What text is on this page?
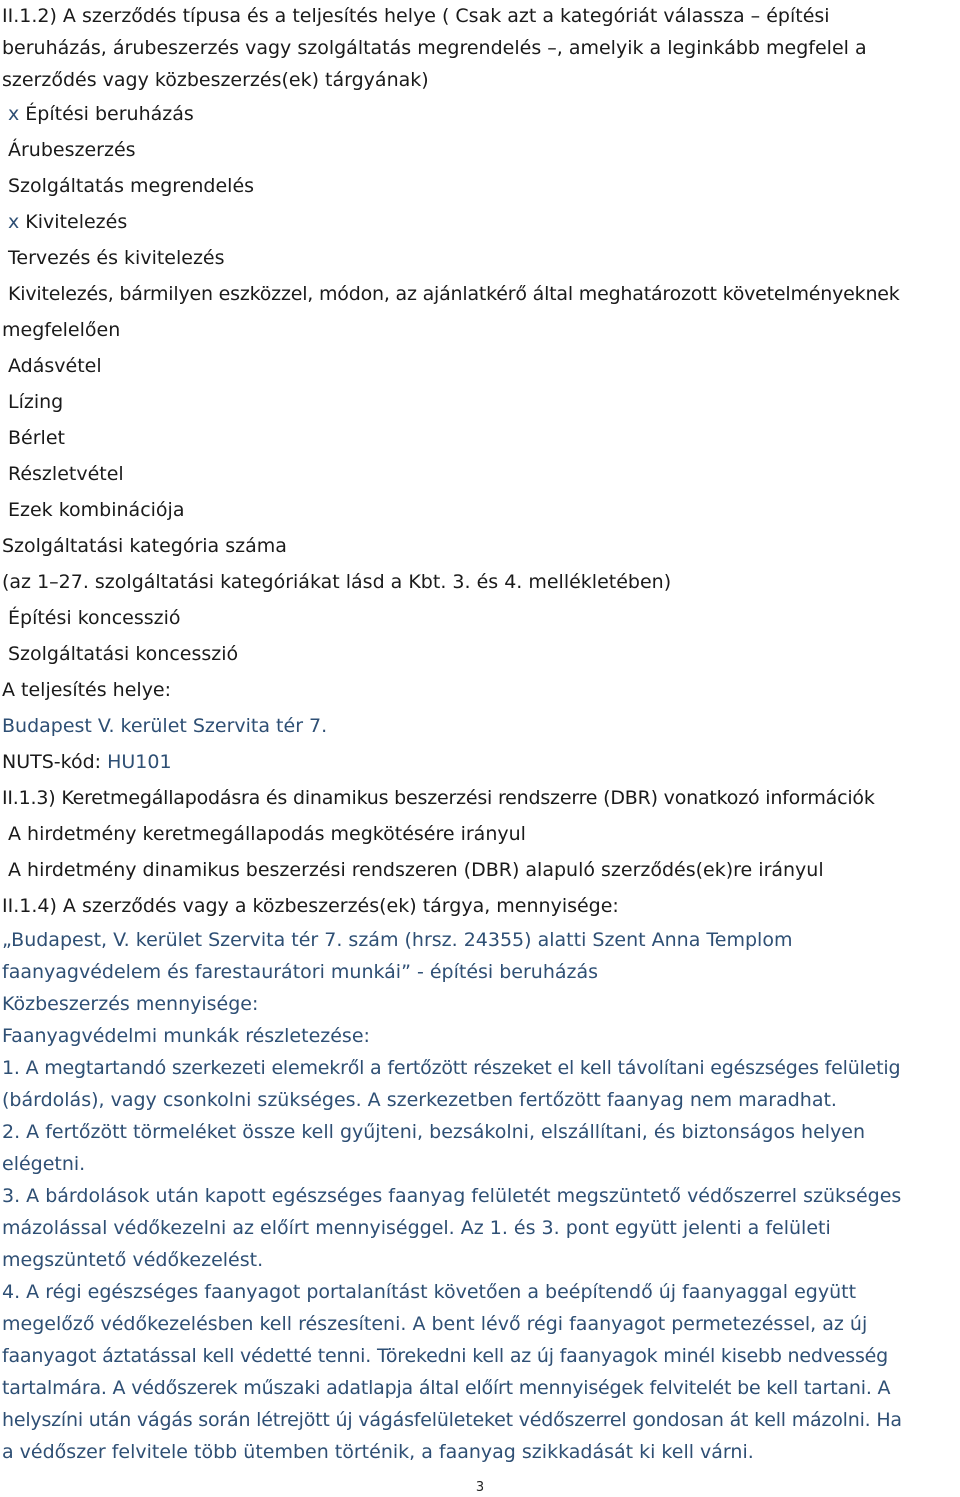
II.1.2) A szerződés típusa és a teljesítés helye ( Csak azt a kategóriát válassza – építési
beruházás, árubeszerzés vagy szolgáltatás megrendelés –, amelyik a leginkább megfelel a
szerződés vagy közbeszerzés(ek) tárgyának)
x Építési beruházás
Árubeszerzés
Szolgáltatás megrendelés
x Kivitelezés
Tervezés és kivitelezés
Kivitelezés, bármilyen eszközzel, módon, az ajánlatkérő által meghatározott követelményeknek
megfelelően
Adásvétel
Lízing
Bérlet
Részletvétel
Ezek kombinációja
Szolgáltatási kategória száma
(az 1–27. szolgáltatási kategóriákat lásd a Kbt. 3. és 4. mellékletében)
Építési koncesszió
Szolgáltatási koncesszió
A teljesítés helye:
Budapest V. kerület Szervita tér 7.
NUTS-kód: HU101
II.1.3) Keretmegállapodásra és dinamikus beszerzési rendszerre (DBR) vonatkozó információk
A hirdetmény keretmegállapodás megkötésére irányul
A hirdetmény dinamikus beszerzési rendszeren (DBR) alapuló szerződés(ek)re irányul
II.1.4) A szerződés vagy a közbeszerzés(ek) tárgya, mennyisége:
„Budapest, V. kerület Szervita tér 7. szám (hrsz. 24355) alatti Szent Anna Templom
faanyagvédelem és farestaurátori munkái” - építési beruházás
Közbeszerzés mennyisége:
Faanyagvédelmi munkák részletezése:
1. A megtartandó szerkezeti elemekről a fertőzött részeket el kell távolítani egészséges felületig
(bárdolás), vagy csonkolni szükséges. A szerkezetben fertőzött faanyag nem maradhat.
2. A fertőzött törmeléket össze kell gyűjteni, bezsákolni, elszállítani, és biztonságos helyen
elégetni.
3. A bárdolások után kapott egészséges faanyag felületét megszüntető védőszerrel szükséges
mázolással védőkezelni az előírt mennyiséggel. Az 1. és 3. pont együtt jelenti a felületi
megszüntető védőkezelést.
4. A régi egészséges faanyagot portalanítást követően a beépítendő új faanyaggal együtt
megelőző védőkezelésben kell részesíteni. A bent lévő régi faanyagot permetezéssel, az új
faanyagot áztatással kell védetté tenni. Törekedni kell az új faanyagok minél kisebb nedvesség
tartalmára. A védőszerek műszaki adatlapja által előírt mennyiségek felvitelét be kell tartani. A
helyszíni után vágás során létrejött új vágásfelületeket védőszerrel gondosan át kell mázolni. Ha
a védőszer felvitele több ütemben történik, a faanyag szikkadását ki kell várni.
3
